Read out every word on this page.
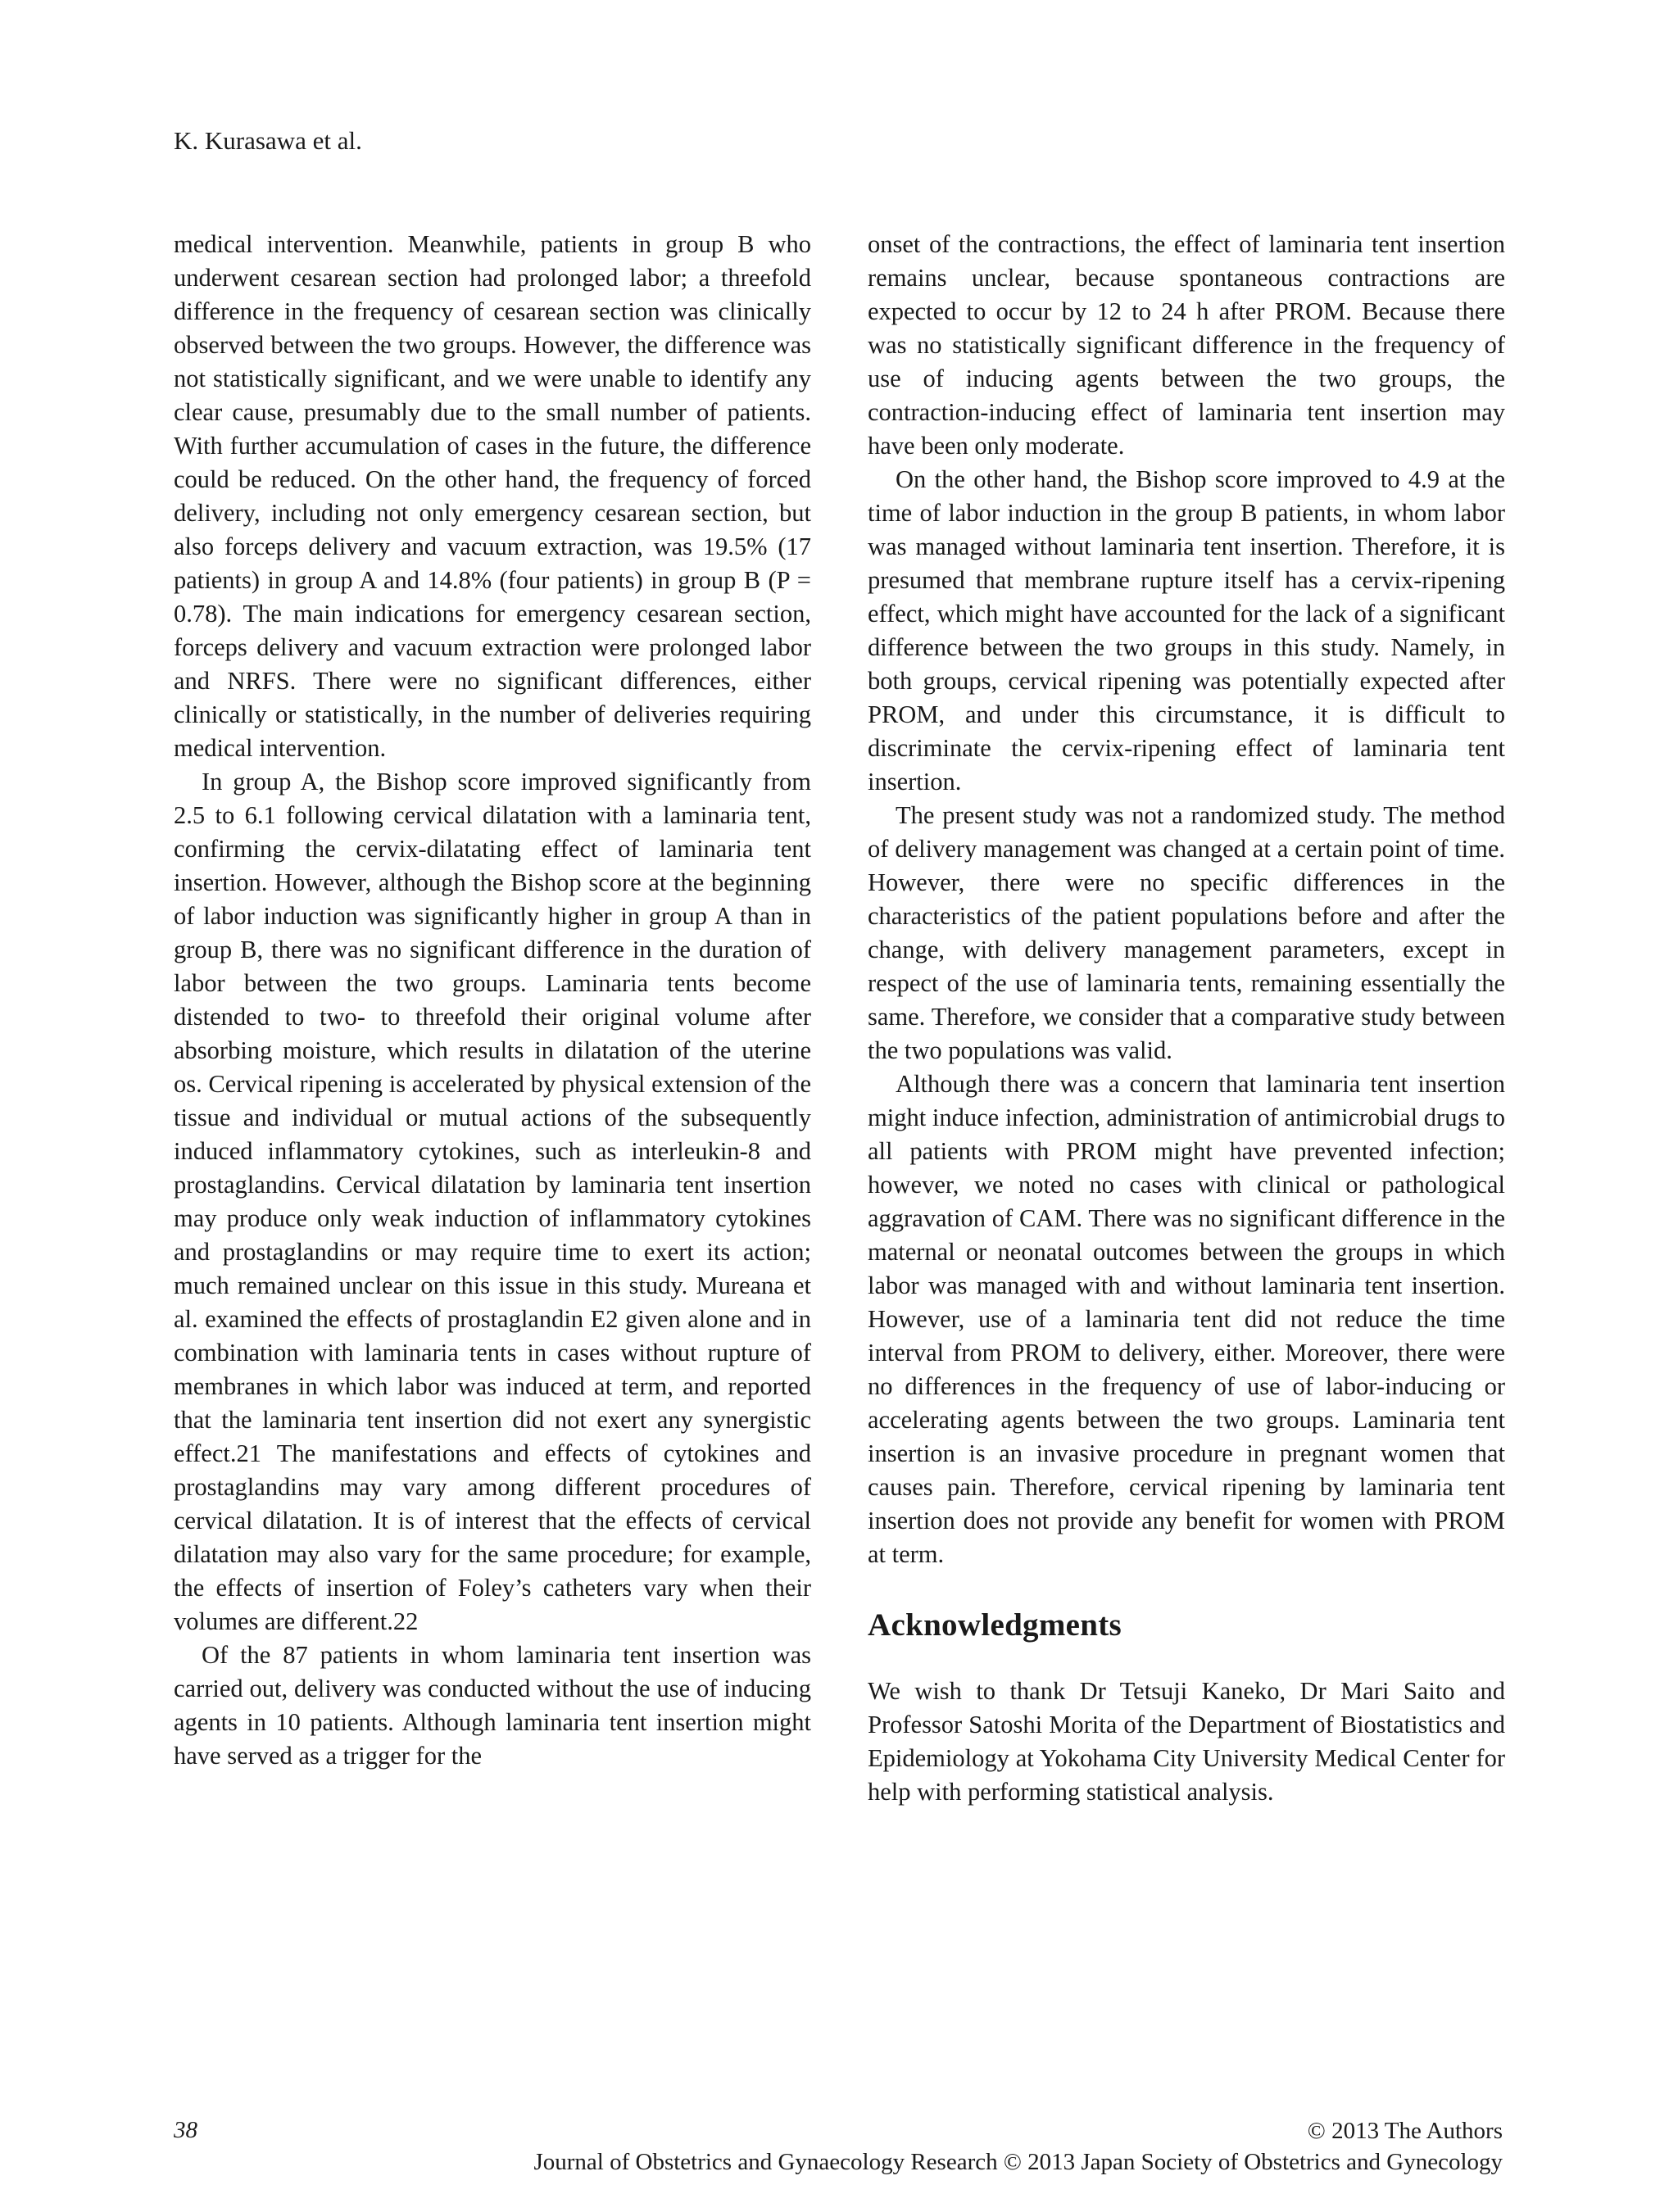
K. Kurasawa et al.

medical intervention. Meanwhile, patients in group B who underwent cesarean section had prolonged labor; a threefold difference in the frequency of cesarean section was clinically observed between the two groups. However, the difference was not statistically significant, and we were unable to identify any clear cause, presumably due to the small number of patients. With further accumulation of cases in the future, the difference could be reduced. On the other hand, the frequency of forced delivery, including not only emergency cesarean section, but also forceps delivery and vacuum extraction, was 19.5% (17 patients) in group A and 14.8% (four patients) in group B (P = 0.78). The main indications for emergency cesarean section, forceps delivery and vacuum extraction were prolonged labor and NRFS. There were no significant differences, either clinically or statistically, in the number of deliveries requiring medical intervention.

In group A, the Bishop score improved significantly from 2.5 to 6.1 following cervical dilatation with a laminaria tent, confirming the cervix-dilatating effect of laminaria tent insertion. However, although the Bishop score at the beginning of labor induction was significantly higher in group A than in group B, there was no significant difference in the duration of labor between the two groups. Laminaria tents become distended to two- to threefold their original volume after absorbing moisture, which results in dilatation of the uterine os. Cervical ripening is accelerated by physical extension of the tissue and individual or mutual actions of the subsequently induced inflammatory cytokines, such as interleukin-8 and prostaglandins. Cervical dilatation by laminaria tent insertion may produce only weak induction of inflammatory cytokines and prostaglandins or may require time to exert its action; much remained unclear on this issue in this study. Mureana et al. examined the effects of prostaglandin E2 given alone and in combination with laminaria tents in cases without rupture of membranes in which labor was induced at term, and reported that the laminaria tent insertion did not exert any synergistic effect.21 The manifestations and effects of cytokines and prostaglandins may vary among different procedures of cervical dilatation. It is of interest that the effects of cervical dilatation may also vary for the same procedure; for example, the effects of insertion of Foley’s catheters vary when their volumes are different.22

Of the 87 patients in whom laminaria tent insertion was carried out, delivery was conducted without the use of inducing agents in 10 patients. Although laminaria tent insertion might have served as a trigger for the

onset of the contractions, the effect of laminaria tent insertion remains unclear, because spontaneous contractions are expected to occur by 12 to 24 h after PROM. Because there was no statistically significant difference in the frequency of use of inducing agents between the two groups, the contraction-inducing effect of laminaria tent insertion may have been only moderate.

On the other hand, the Bishop score improved to 4.9 at the time of labor induction in the group B patients, in whom labor was managed without laminaria tent insertion. Therefore, it is presumed that membrane rupture itself has a cervix-ripening effect, which might have accounted for the lack of a significant difference between the two groups in this study. Namely, in both groups, cervical ripening was potentially expected after PROM, and under this circumstance, it is difficult to discriminate the cervix-ripening effect of laminaria tent insertion.

The present study was not a randomized study. The method of delivery management was changed at a certain point of time. However, there were no specific differences in the characteristics of the patient populations before and after the change, with delivery management parameters, except in respect of the use of laminaria tents, remaining essentially the same. Therefore, we consider that a comparative study between the two populations was valid.

Although there was a concern that laminaria tent insertion might induce infection, administration of antimicrobial drugs to all patients with PROM might have prevented infection; however, we noted no cases with clinical or pathological aggravation of CAM. There was no significant difference in the maternal or neonatal outcomes between the groups in which labor was managed with and without laminaria tent insertion. However, use of a laminaria tent did not reduce the time interval from PROM to delivery, either. Moreover, there were no differences in the frequency of use of labor-inducing or accelerating agents between the two groups. Laminaria tent insertion is an invasive procedure in pregnant women that causes pain. Therefore, cervical ripening by laminaria tent insertion does not provide any benefit for women with PROM at term.

Acknowledgments

We wish to thank Dr Tetsuji Kaneko, Dr Mari Saito and Professor Satoshi Morita of the Department of Biostatistics and Epidemiology at Yokohama City University Medical Center for help with performing statistical analysis.

38	© 2013 The Authors
Journal of Obstetrics and Gynaecology Research © 2013 Japan Society of Obstetrics and Gynecology
